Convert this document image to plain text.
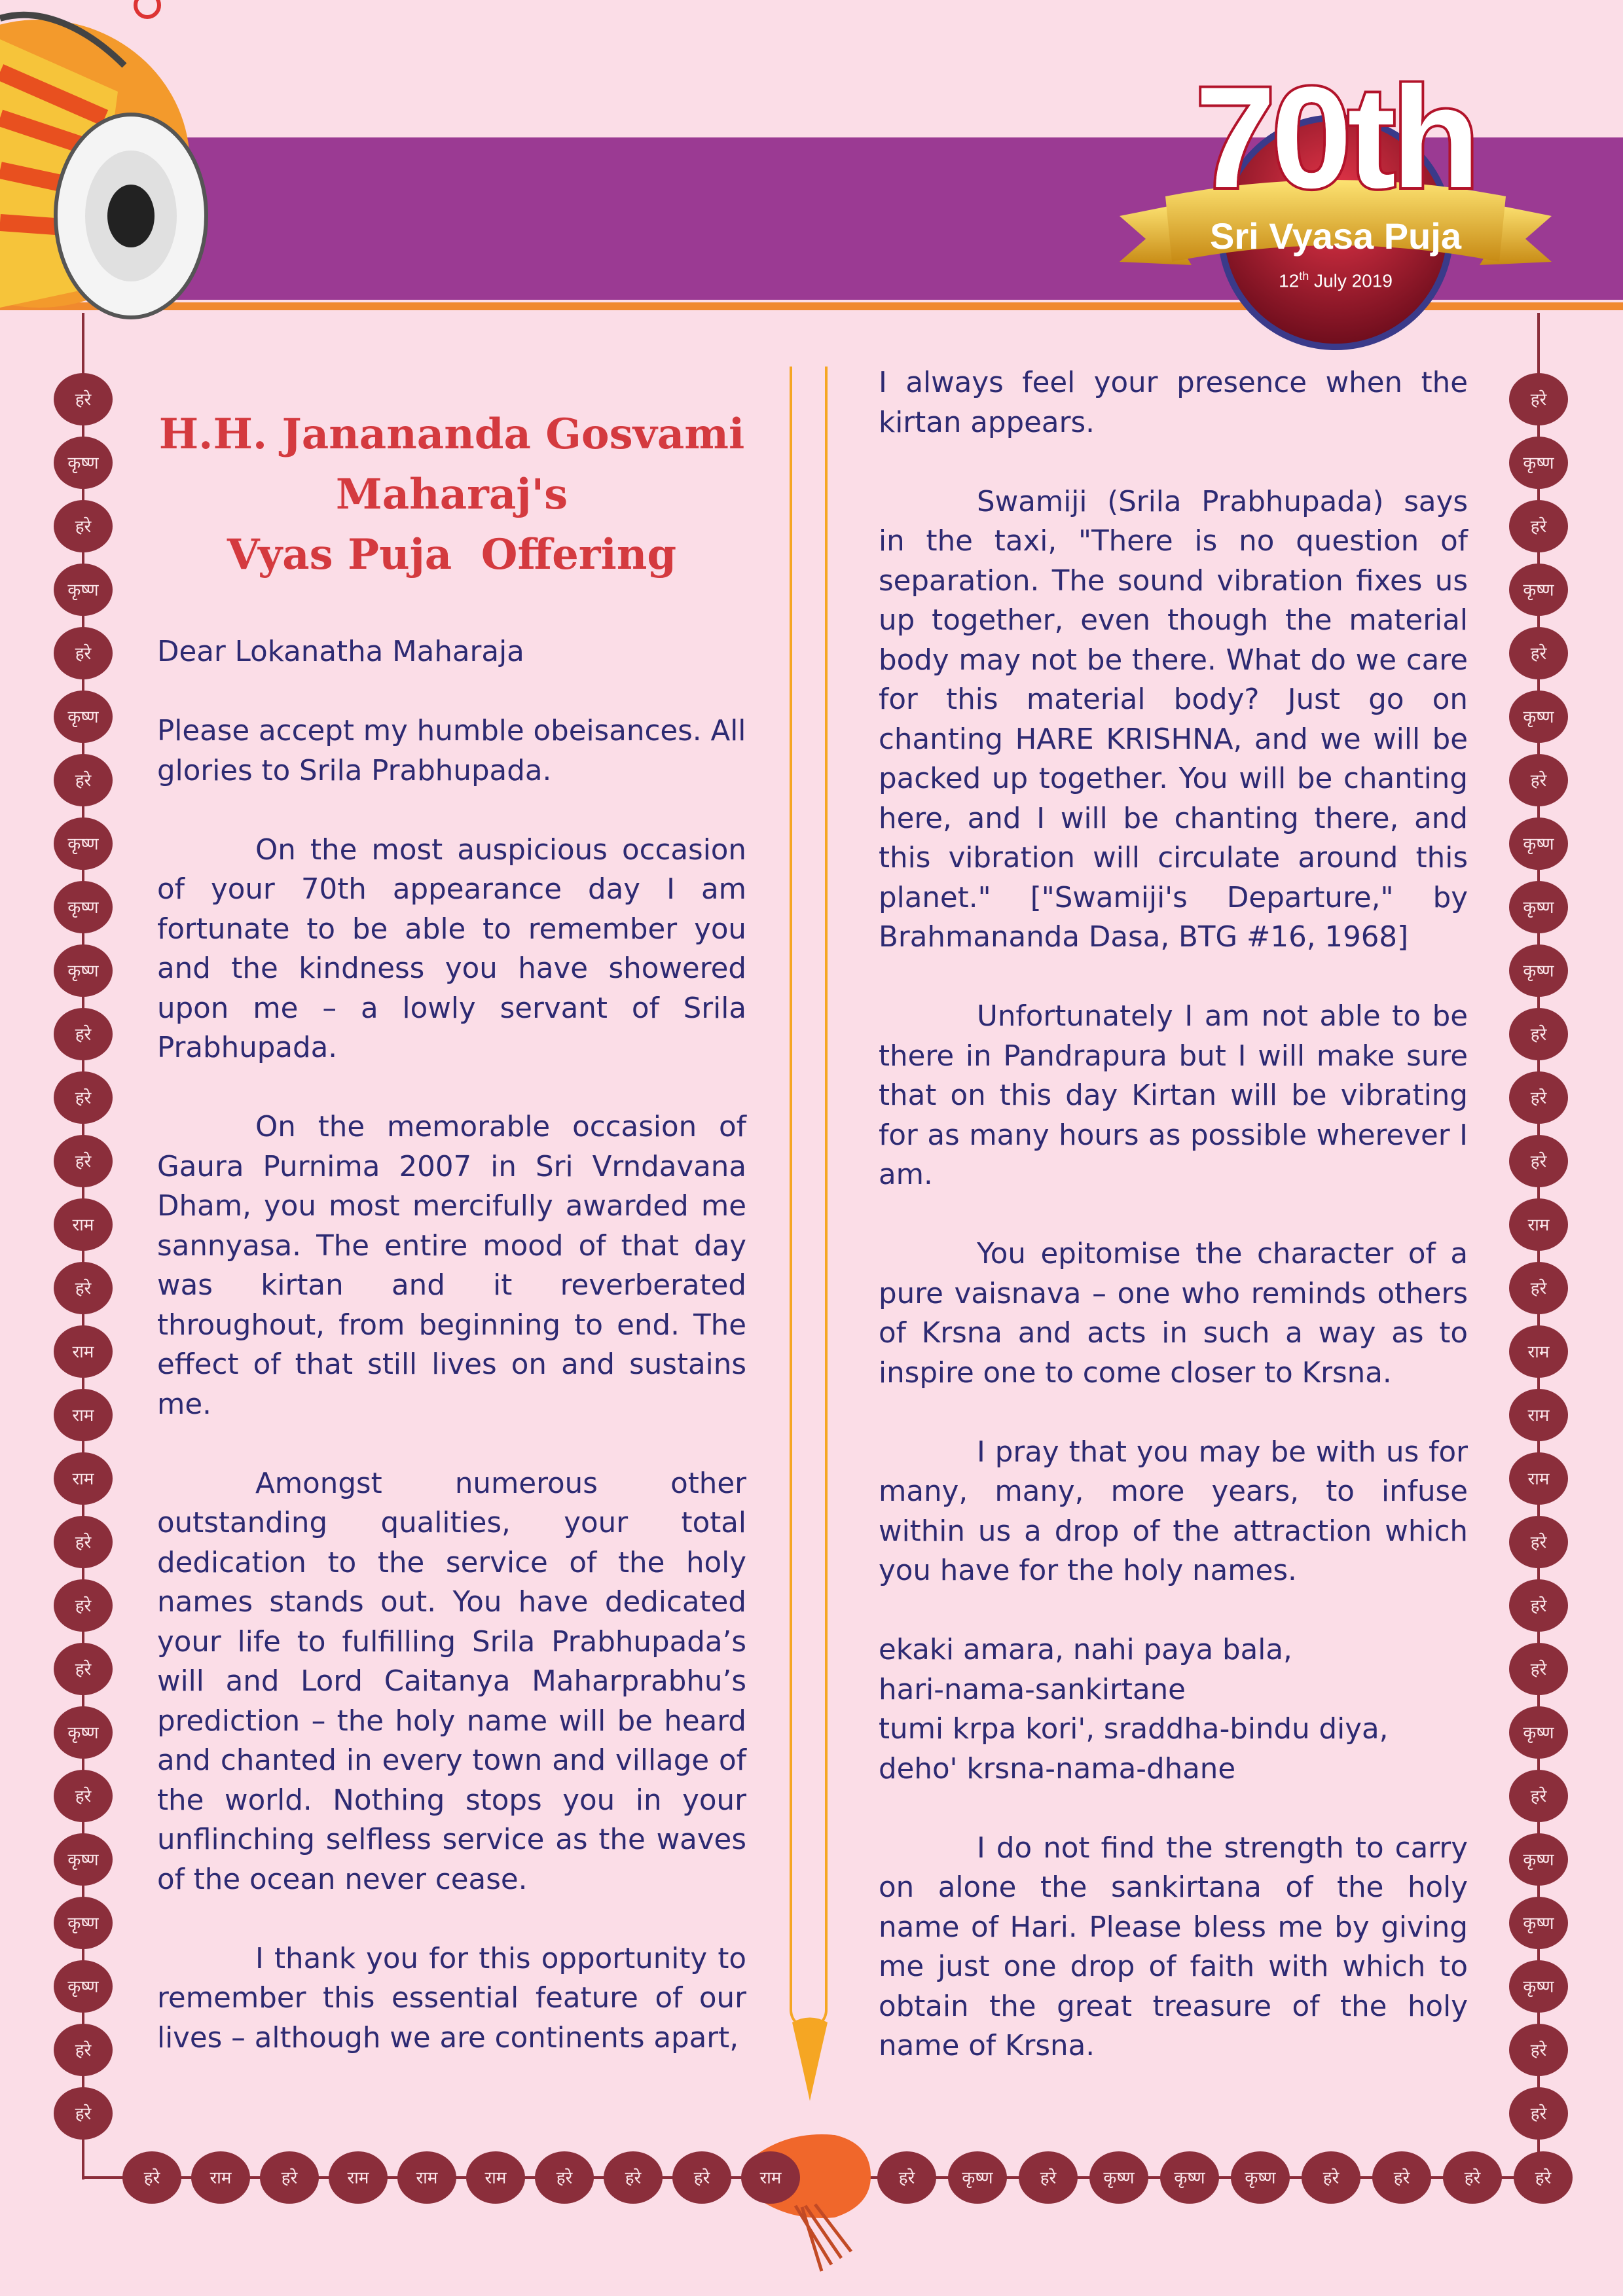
70th
Sri Vyasa Puja
12th July 2019
हरे
कृष्ण
हरे
कृष्ण
हरे
कृष्ण
हरे
कृष्ण
कृष्ण
कृष्ण
हरे
हरे
हरे
राम
हरे
राम
राम
राम
हरे
हरे
हरे
कृष्ण
हरे
कृष्ण
कृष्ण
कृष्ण
हरे
हरे
हरे
कृष्ण
हरे
कृष्ण
हरे
कृष्ण
हरे
कृष्ण
कृष्ण
कृष्ण
हरे
हरे
हरे
राम
हरे
राम
राम
राम
हरे
हरे
हरे
कृष्ण
हरे
कृष्ण
कृष्ण
कृष्ण
हरे
हरे
हरे	राम	हरे	राम	राम	राम	हरे	हरे	हरे	राम	हरे	कृष्ण	हरे	कृष्ण कृष्ण कृष्ण	हरे	हरे	हरे	हरे
H.H. Janananda Gosvami
Maharaj's
Vyas Puja  Offering

Dear Lokanatha Maharaja

Please accept my humble obeisances. All glories to Srila Prabhupada.

On the most auspicious occasion of your 70th appearance day I am fortunate to be able to remember you and the kindness you have showered upon me – a lowly servant of Srila Prabhupada.

On the memorable occasion of Gaura Purnima 2007 in Sri Vrndavana Dham, you most mercifully awarded me sannyasa. The entire mood of that day was kirtan and it reverberated throughout, from beginning to end. The effect of that still lives on and sustains me.

Amongst numerous other outstanding qualities, your total dedication to the service of the holy names stands out. You have dedicated your life to fulfilling Srila Prabhupada’s will and Lord Caitanya Maharprabhu’s prediction – the holy name will be heard and chanted in every town and village of the world. Nothing stops you in your unflinching selfless service as the waves of the ocean never cease.

I thank you for this opportunity to remember this essential feature of our lives – although we are continents apart,

I always feel your presence when the kirtan appears.

Swamiji (Srila Prabhupada) says in the taxi, "There is no question of separation. The sound vibration fixes us up together, even though the material body may not be there. What do we care for this material body? Just go on chanting HARE KRISHNA, and we will be packed up together. You will be chanting here, and I will be chanting there, and this vibration will circulate around this planet." ["Swamiji's Departure," by Brahmananda Dasa, BTG #16, 1968]

Unfortunately I am not able to be there in Pandrapura but I will make sure that on this day Kirtan will be vibrating for as many hours as possible wherever I am.

You epitomise the character of a pure vaisnava – one who reminds others of Krsna and acts in such a way as to inspire one to come closer to Krsna.

I pray that you may be with us for many, many, more years, to infuse within us a drop of the attraction which you have for the holy names.

ekaki amara, nahi paya bala,
hari-nama-sankirtane
tumi krpa kori', sraddha-bindu diya,
deho' krsna-nama-dhane

I do not find the strength to carry on alone the sankirtana of the holy name of Hari. Please bless me by giving me just one drop of faith with which to obtain the great treasure of the holy name of Krsna.
